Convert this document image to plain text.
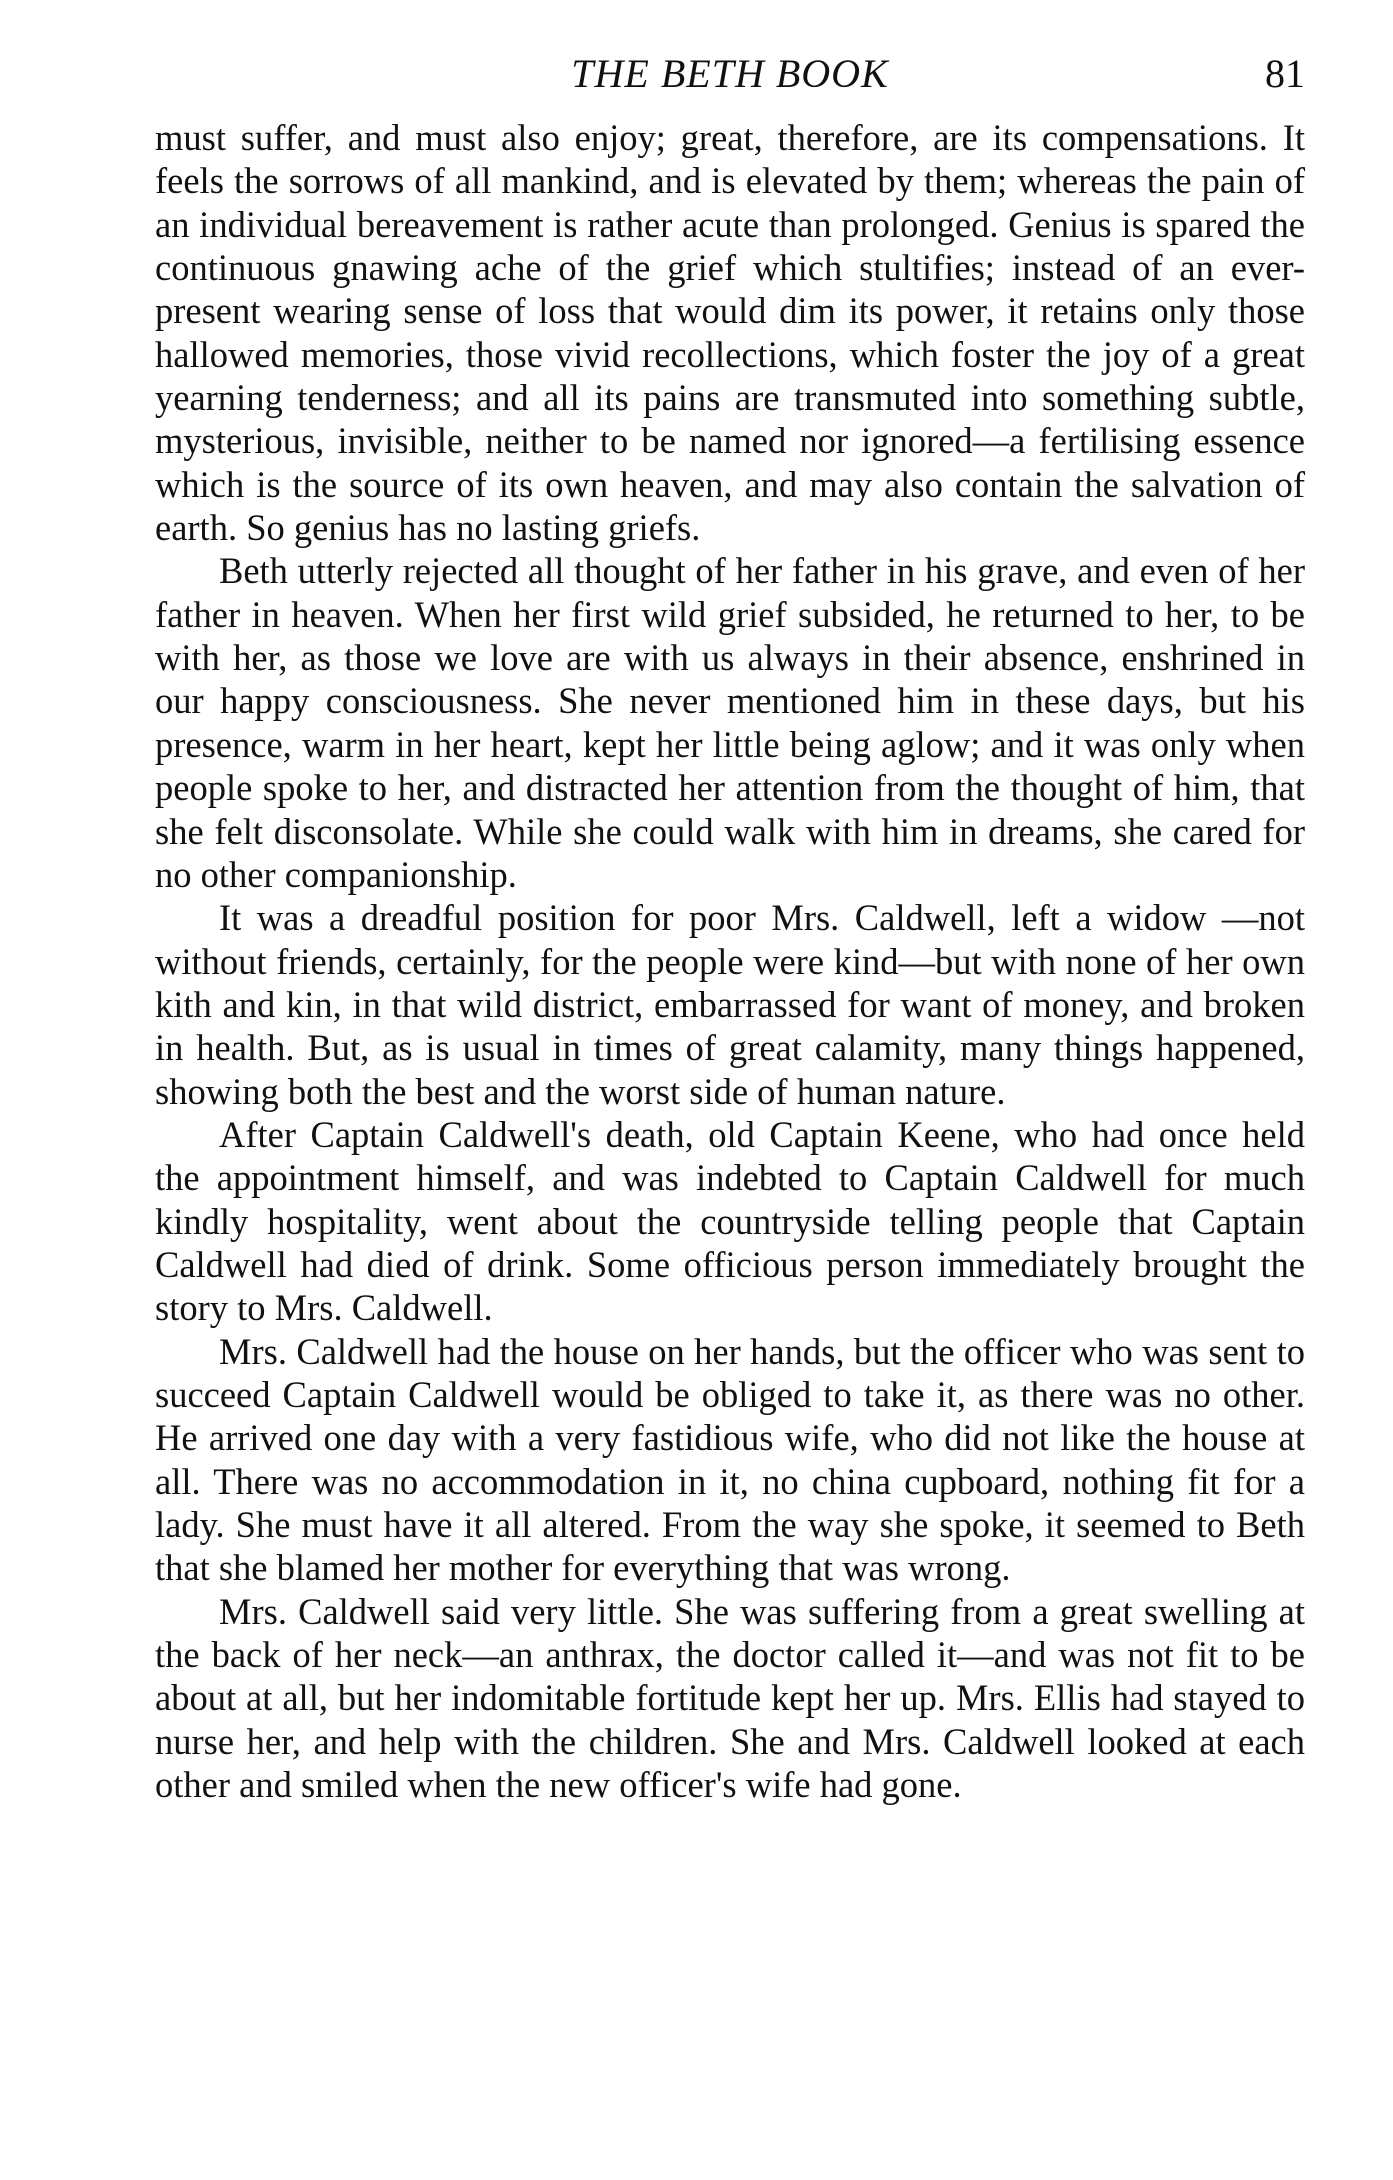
THE BETH BOOK	81

must suffer, and must also enjoy; great, therefore, are its compensations. It feels the sorrows of all mankind, and is elevated by them; whereas the pain of an individual bereavement is rather acute than prolonged. Genius is spared the continuous gnawing ache of the grief which stultifies; instead of an ever-present wearing sense of loss that would dim its power, it retains only those hallowed memories, those vivid recollections, which foster the joy of a great yearning tenderness; and all its pains are transmuted into something subtle, mysterious, invisible, neither to be named nor ignored—a fertilising essence which is the source of its own heaven, and may also contain the salvation of earth. So genius has no lasting griefs.

Beth utterly rejected all thought of her father in his grave, and even of her father in heaven. When her first wild grief subsided, he returned to her, to be with her, as those we love are with us always in their absence, enshrined in our happy consciousness. She never mentioned him in these days, but his presence, warm in her heart, kept her little being aglow; and it was only when people spoke to her, and distracted her attention from the thought of him, that she felt disconsolate. While she could walk with him in dreams, she cared for no other companionship.

It was a dreadful position for poor Mrs. Caldwell, left a widow —not without friends, certainly, for the people were kind—but with none of her own kith and kin, in that wild district, embarrassed for want of money, and broken in health. But, as is usual in times of great calamity, many things happened, showing both the best and the worst side of human nature.

After Captain Caldwell's death, old Captain Keene, who had once held the appointment himself, and was indebted to Captain Caldwell for much kindly hospitality, went about the countryside telling people that Captain Caldwell had died of drink. Some officious person immediately brought the story to Mrs. Caldwell.

Mrs. Caldwell had the house on her hands, but the officer who was sent to succeed Captain Caldwell would be obliged to take it, as there was no other. He arrived one day with a very fastidious wife, who did not like the house at all. There was no accommodation in it, no china cupboard, nothing fit for a lady. She must have it all altered. From the way she spoke, it seemed to Beth that she blamed her mother for everything that was wrong.

Mrs. Caldwell said very little. She was suffering from a great swelling at the back of her neck—an anthrax, the doctor called it—and was not fit to be about at all, but her indomitable fortitude kept her up. Mrs. Ellis had stayed to nurse her, and help with the children. She and Mrs. Caldwell looked at each other and smiled when the new officer's wife had gone.
